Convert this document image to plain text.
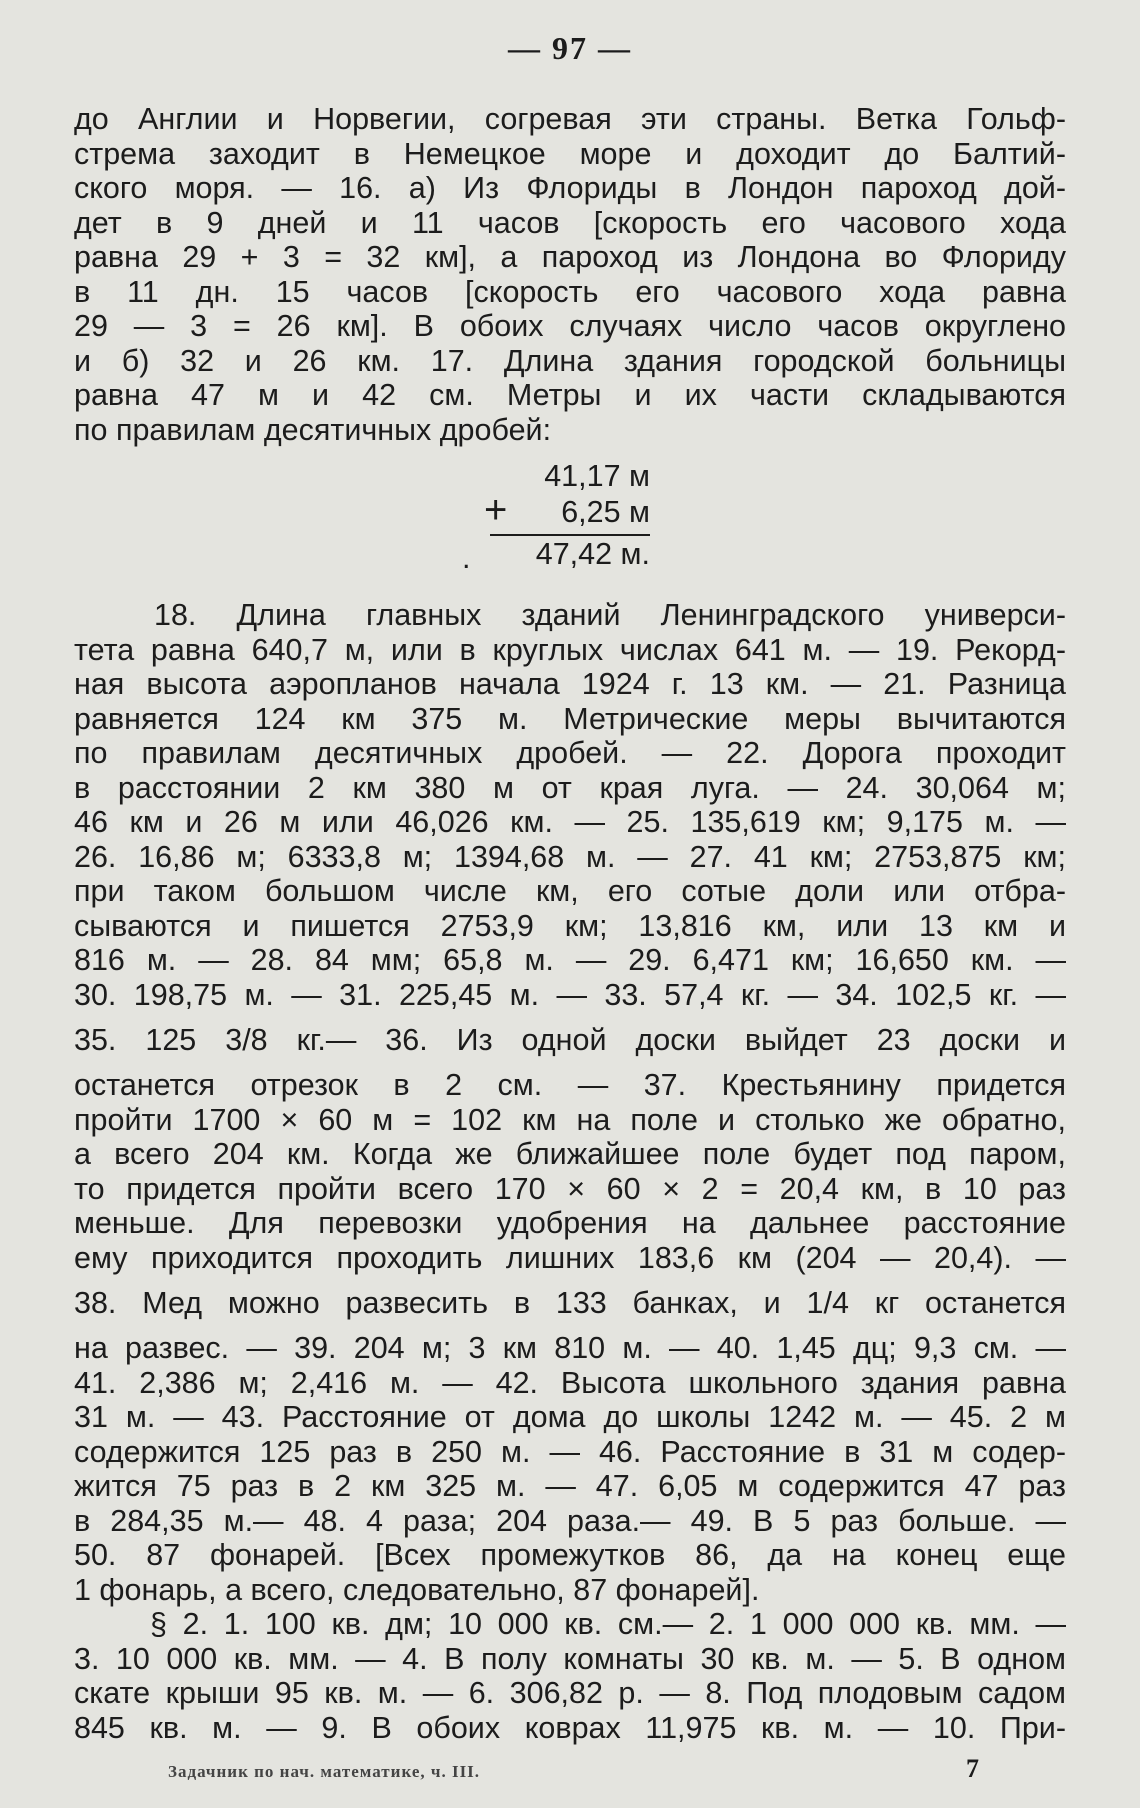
— 97 —
до Англии и Норвегии, согревая эти страны. Ветка Гольф-
стрема заходит в Немецкое море и доходит до Балтий-
ского моря. — 16. а) Из Флориды в Лондон пароход дой-
дет в 9 дней и 11 часов [скорость его часового хода
равна 29 + 3 = 32 км], а пароход из Лондона во Флориду
в 11 дн. 15 часов [скорость его часового хода равна
29 — 3 = 26 км]. В обоих случаях число часов округлено
и б) 32 и 26 км. 17. Длина здания городской больницы
равна 47 м и 42 см. Метры и их части складываются
по правилам десятичных дробей:
41,17 м
+	6,25 м
.	47,42 м.
18. Длина главных зданий Ленинградского универси-
тета равна 640,7 м, или в круглых числах 641 м. — 19. Рекорд-
ная высота аэропланов начала 1924 г. 13 км. — 21. Разница
равняется 124 км 375 м. Метрические меры вычитаются
по правилам десятичных дробей. — 22. Дорога проходит
в расстоянии 2 км 380 м от края луга. — 24. 30,064 м;
46 км и 26 м или 46,026 км. — 25. 135,619 км; 9,175 м. —
26. 16,86 м; 6333,8 м; 1394,68 м. — 27. 41 км; 2753,875 км;
при таком большом числе км, его сотые доли или отбра-
сываются и пишется 2753,9 км; 13,816 км, или 13 км и
816 м. — 28. 84 мм; 65,8 м. — 29. 6,471 км; 16,650 км. —
30. 198,75 м. — 31. 225,45 м. — 33. 57,4 кг. — 34. 102,5 кг. —
35. 125 3/8 кг.— 36. Из одной доски выйдет 23 доски и
останется отрезок в 2 см. — 37. Крестьянину придется
пройти 1700 × 60 м = 102 км на поле и столько же обратно,
а всего 204 км. Когда же ближайшее поле будет под паром,
то придется пройти всего 170 × 60 × 2 = 20,4 км, в 10 раз
меньше. Для перевозки удобрения на дальнее расстояние
ему приходится проходить лишних 183,6 км (204 — 20,4). —
38. Мед можно развесить в 133 банках, и 1/4 кг останется
на развес. — 39. 204 м; 3 км 810 м. — 40. 1,45 дц; 9,3 см. —
41. 2,386 м; 2,416 м. — 42. Высота школьного здания равна
31 м. — 43. Расстояние от дома до школы 1242 м. — 45. 2 м
содержится 125 раз в 250 м. — 46. Расстояние в 31 м содер-
жится 75 раз в 2 км 325 м. — 47. 6,05 м содержится 47 раз
в 284,35 м.— 48. 4 раза; 204 раза.— 49. В 5 раз больше. —
50. 87 фонарей. [Всех промежутков 86, да на конец еще
1 фонарь, а всего, следовательно, 87 фонарей].
§ 2. 1. 100 кв. дм; 10 000 кв. см.— 2. 1 000 000 кв. мм. —
3. 10 000 кв. мм. — 4. В полу комнаты 30 кв. м. — 5. В одном
скате крыши 95 кв. м. — 6. 306,82 р. — 8. Под плодовым садом
845 кв. м. — 9. В обоих коврах 11,975 кв. м. — 10. При-
Задачник по нач. математике, ч. III.	7
